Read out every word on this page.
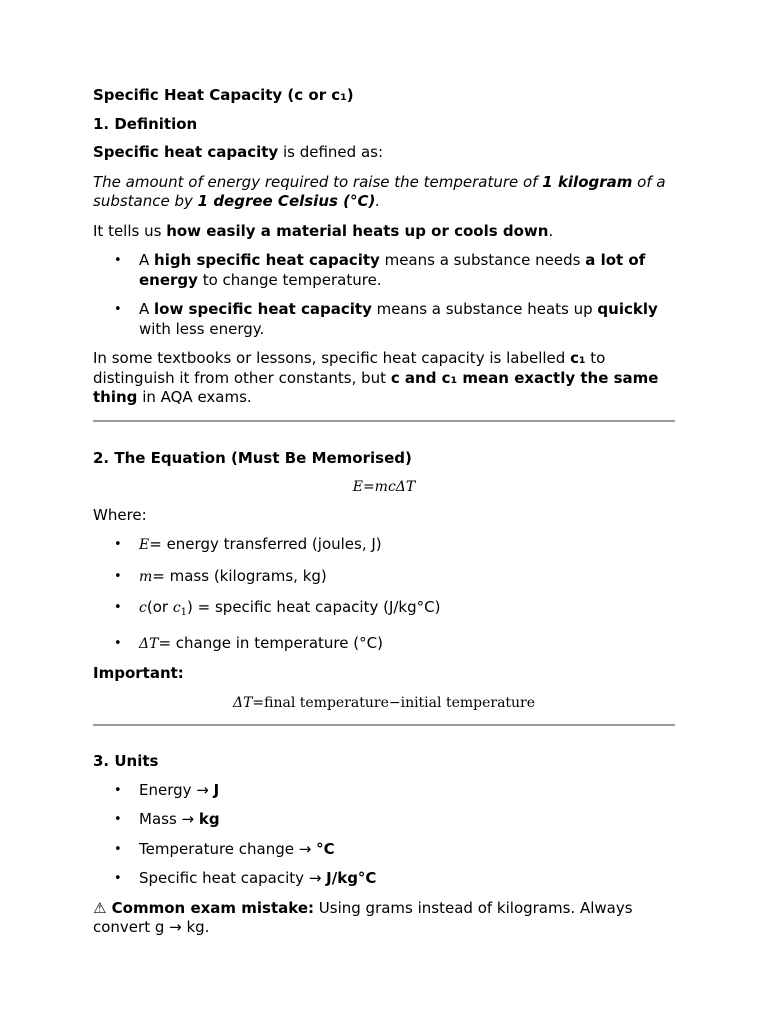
Specific Heat Capacity (c or c₁)

1. Definition

Specific heat capacity is defined as:

The amount of energy required to raise the temperature of 1 kilogram of a substance by 1 degree Celsius (°C).

It tells us how easily a material heats up or cools down.

• A high specific heat capacity means a substance needs a lot of energy to change temperature.
• A low specific heat capacity means a substance heats up quickly with less energy.

In some textbooks or lessons, specific heat capacity is labelled c₁ to distinguish it from other constants, but c and c₁ mean exactly the same thing in AQA exams.

2. The Equation (Must Be Memorised)

E=mcΔT

Where:

• E= energy transferred (joules, J)
• m= mass (kilograms, kg)
• c(or $c_1$) = specific heat capacity (J/kg°C)
• ΔT= change in temperature (°C)

Important:

ΔT=final temperature−initial temperature

3. Units

• Energy → J
• Mass → kg
• Temperature change → °C
• Specific heat capacity → J/kg°C

⚠ Common exam mistake: Using grams instead of kilograms. Always convert g → kg.
